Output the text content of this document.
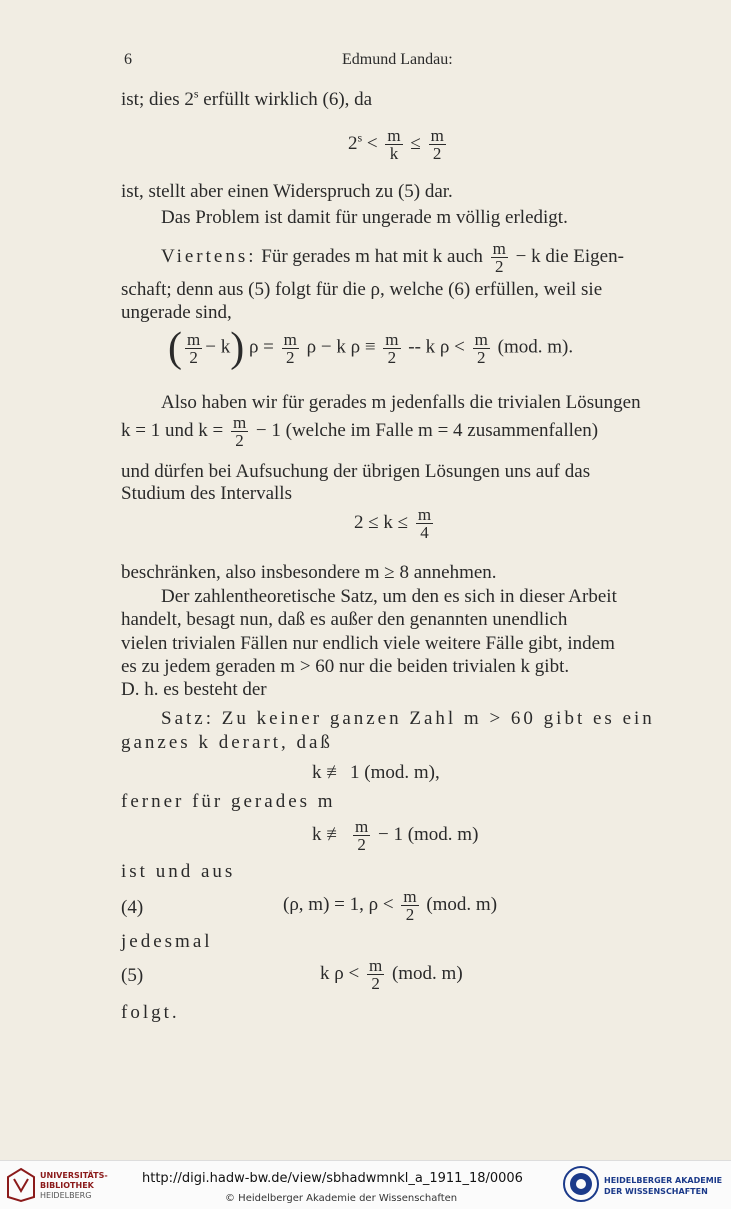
6	Edmund Landau:
ist; dies 2$^s$ erfüllt wirklich (6), da
$2^s < \frac{m}{k} \le \frac{m}{2}$
ist, stellt aber einen Widerspruch zu (5) dar.
Das Problem ist damit für ungerade m völlig erledigt.
Viertens: Für gerades m hat mit k auch $\frac{m}{2} - k$ die Eigen-
schaft; denn aus (5) folgt für die ρ, welche (6) erfüllen, weil sie
ungerade sind,
( $\frac{m}{2} - k$) $\rho = \frac{m}{2}$ ρ − k $\rho \equiv \frac{m}{2} -- k$ $\rho < \frac{m}{2} (mod$. m).
Also haben wir für gerades m jedenfalls die trivialen Lösungen
k = 1 und $k = \frac{m}{2} - 1$ (welche im Falle m = 4 zusammenfallen)
und dürfen bei Aufsuchung der übrigen Lösungen uns auf das
Studium des Intervalls
$2 \le k \le \frac{m}{4}$
beschränken, also insbesondere m ≥ 8 annehmen.
Der zahlentheoretische Satz, um den es sich in dieser Arbeit
handelt, besagt nun, daß es außer den genannten unendlich
vielen trivialen Fällen nur endlich viele weitere Fälle gibt, indem
es zu jedem geraden m > 60 nur die beiden trivialen k gibt.
D. h. es besteht der
Satz: Zu keiner ganzen Zahl m > 60 gibt es ein
ganzes k derart, daß
k ≢ 1 (mod. m),
ferner für gerades m
k ≢ $\frac{m}{2} - 1$ (mod. m)
ist und aus
(4)	(ρ, m) = 1, $\rho < \frac{m}{2} (mod$. m)
jedesmal
(5)	k $\rho < \frac{m}{2} (mod$. m)
folgt.
UNIVERSITÄTS-
BIBLIOTHEK
HEIDELBERG
http://digi.hadw-bw.de/view/sbhadwmnkl_a_1911_18/0006
© Heidelberger Akademie der Wissenschaften
HEIDELBERGER AKADEMIE
DER WISSENSCHAFTEN
